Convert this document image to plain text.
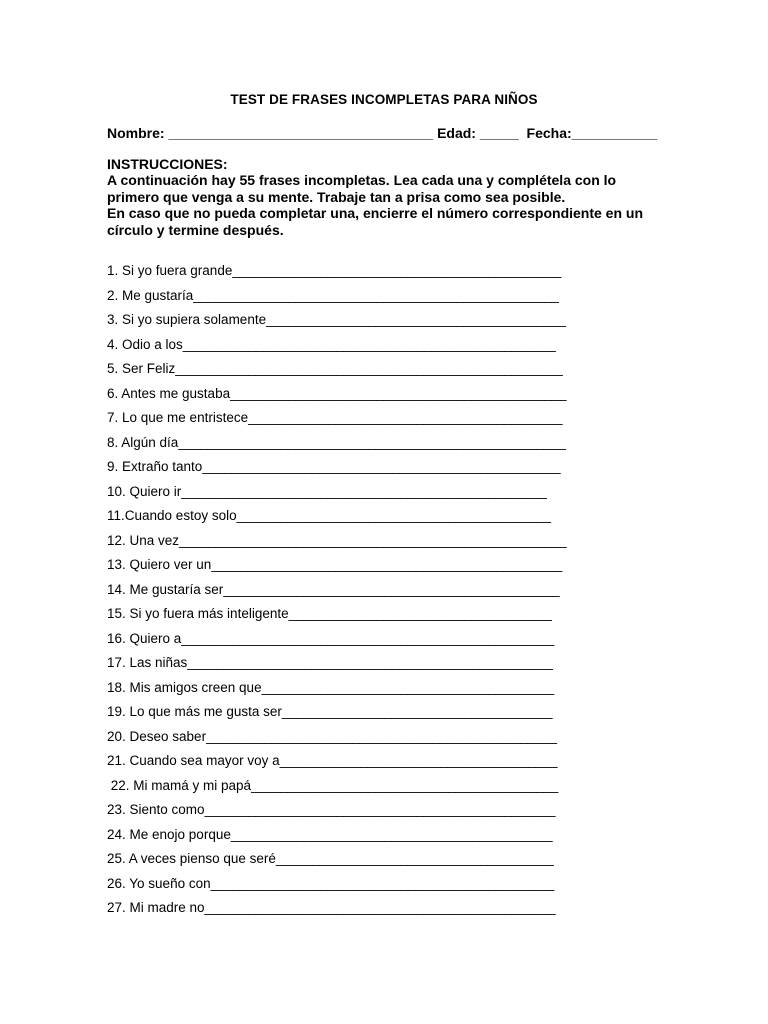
TEST DE FRASES INCOMPLETAS PARA NIÑOS
Nombre: __________________________________ Edad: _____  Fecha:___________
INSTRUCCIONES:
A continuación hay 55 frases incompletas. Lea cada una y complétela con lo
primero que venga a su mente. Trabaje tan a prisa como sea posible.
En caso que no pueda completar una, encierre el número correspondiente en un
círculo y termine después.
1. Si yo fuera grande_____________________________________________
2. Me gustaría__________________________________________________
3. Si yo supiera solamente_________________________________________
4. Odio a los___________________________________________________
5. Ser Feliz_____________________________________________________
6. Antes me gustaba______________________________________________
7. Lo que me entristece___________________________________________
8. Algún día_____________________________________________________
9. Extraño tanto_________________________________________________
10. Quiero ir__________________________________________________
11.Cuando estoy solo___________________________________________
12. Una vez_____________________________________________________
13. Quiero ver un________________________________________________
14. Me gustaría ser______________________________________________
15. Si yo fuera más inteligente____________________________________
16. Quiero a___________________________________________________
17. Las niñas__________________________________________________
18. Mis amigos creen que________________________________________
19. Lo que más me gusta ser_____________________________________
20. Deseo saber________________________________________________
21. Cuando sea mayor voy a______________________________________
22. Mi mamá y mi papá__________________________________________
23. Siento como________________________________________________
24. Me enojo porque____________________________________________
25. A veces pienso que seré______________________________________
26. Yo sueño con_______________________________________________
27. Mi madre no________________________________________________
